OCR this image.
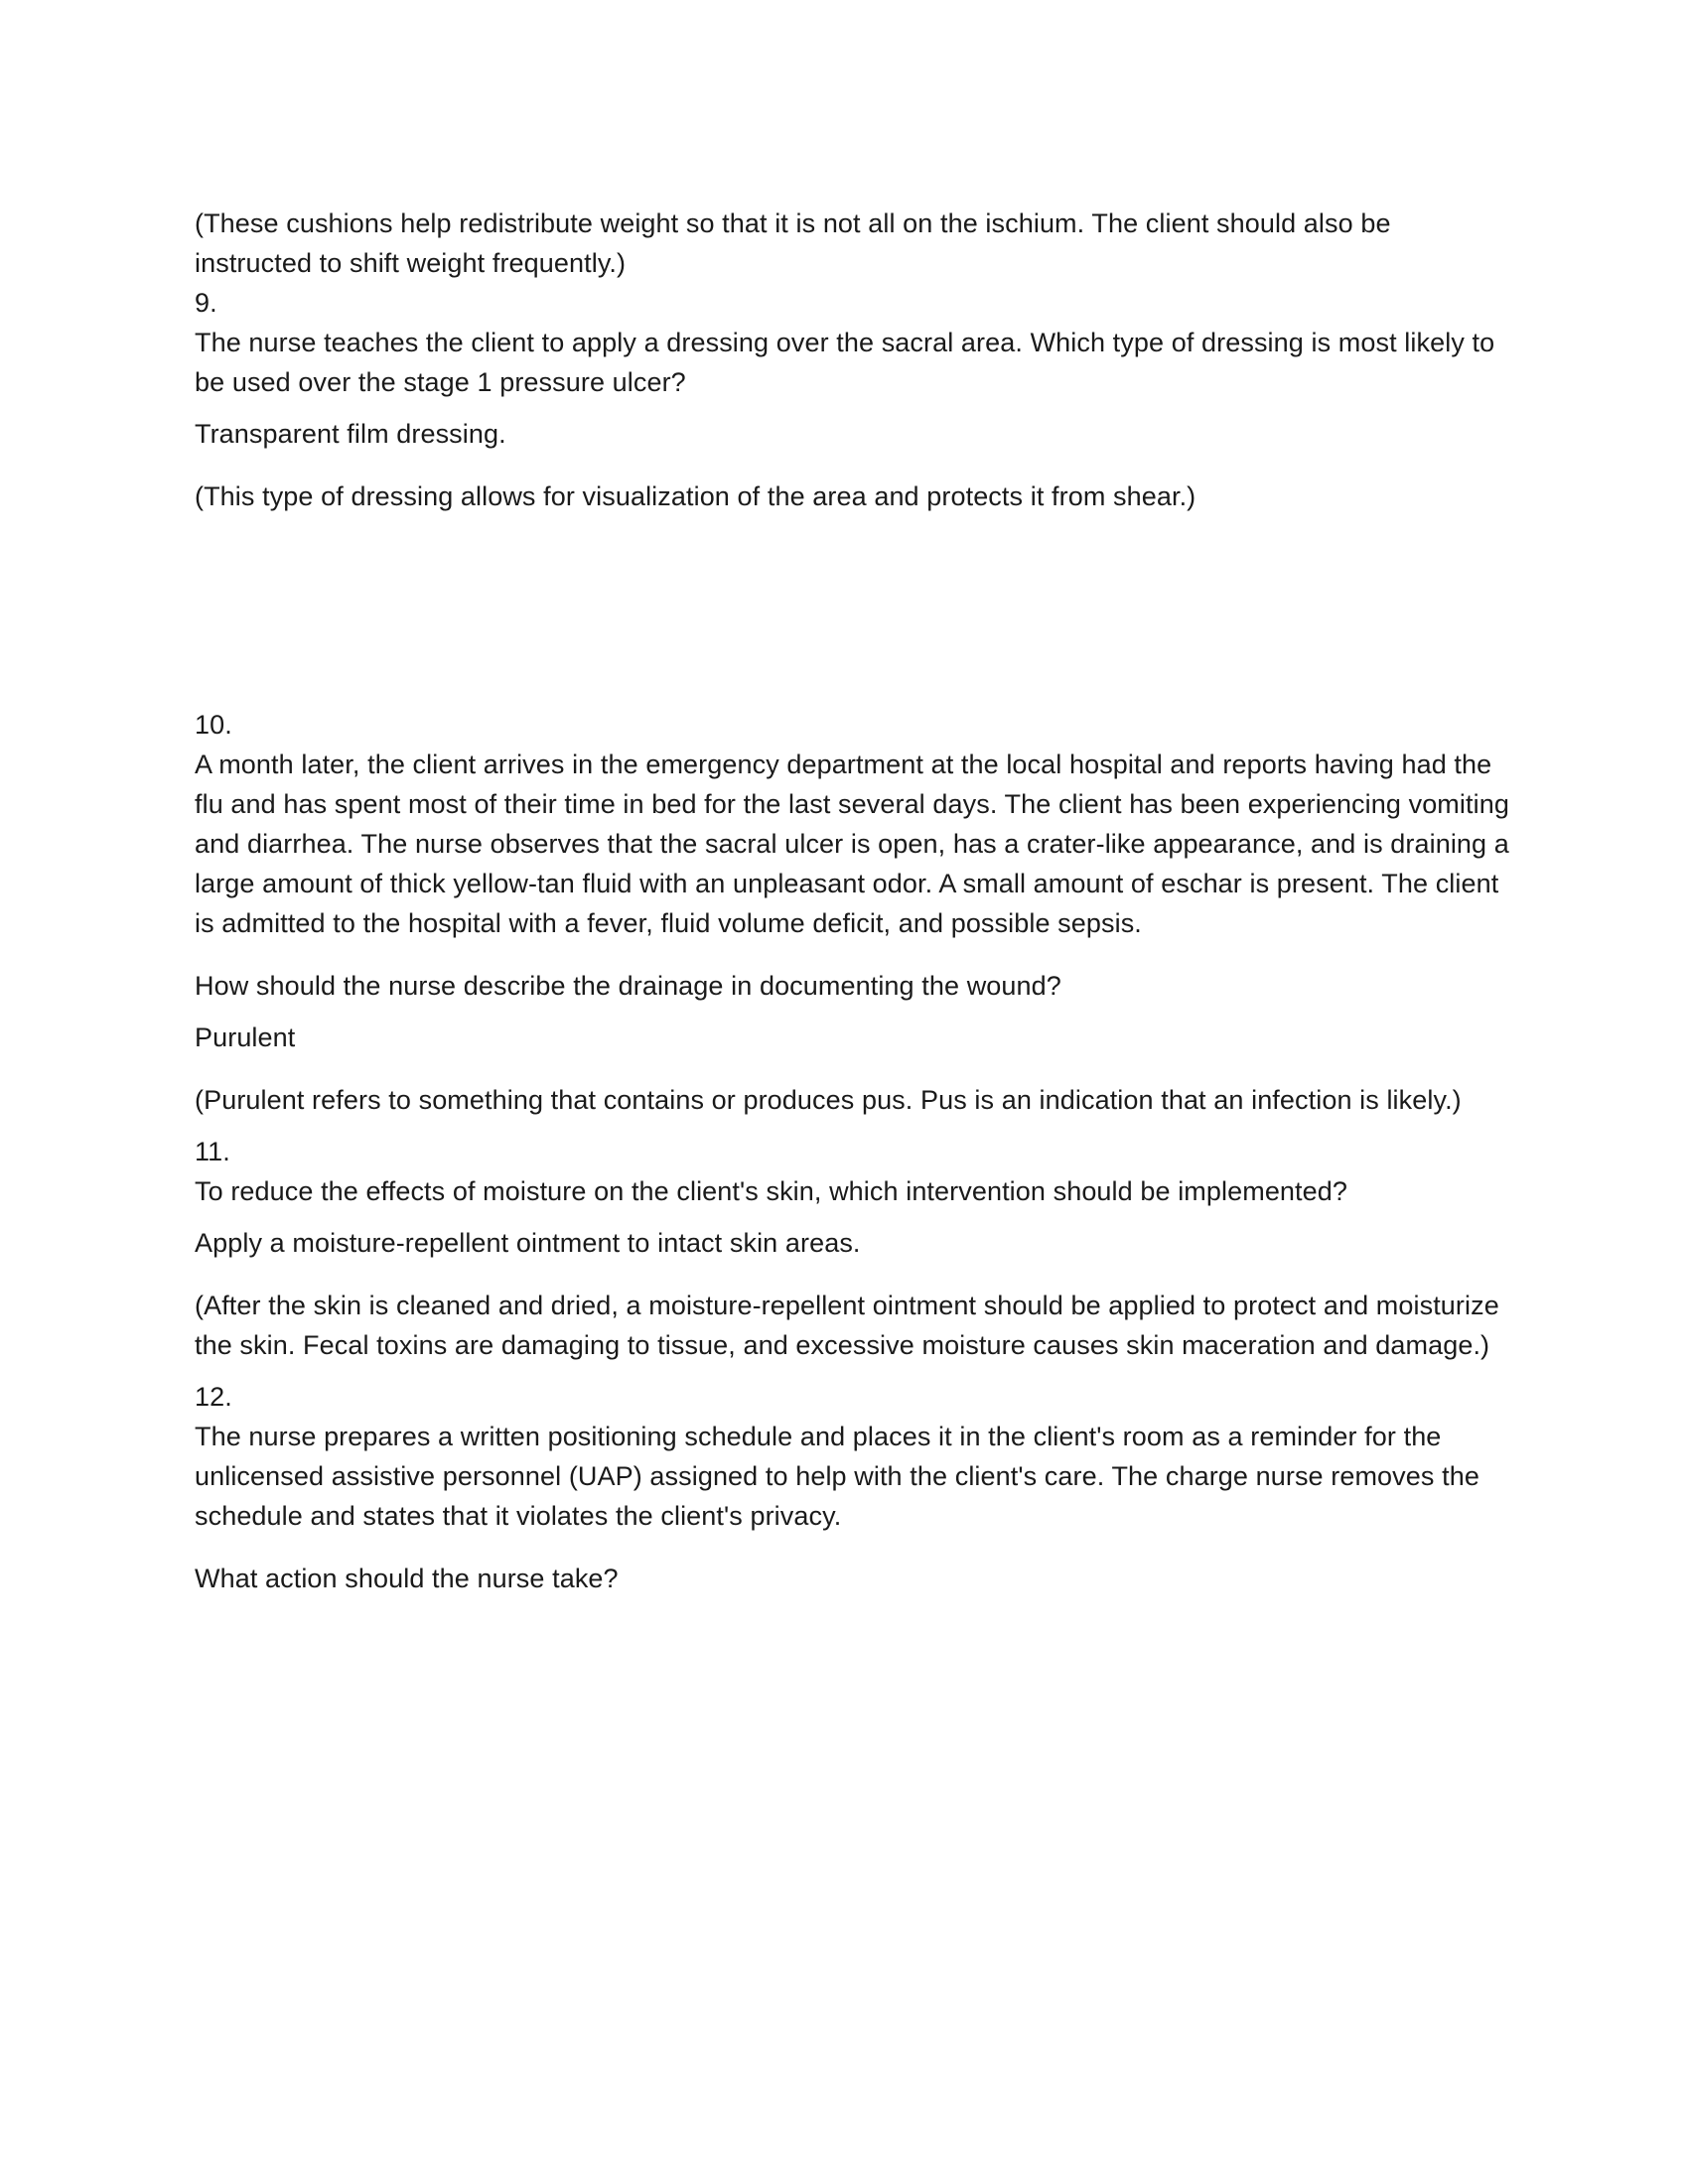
(These cushions help redistribute weight so that it is not all on the ischium. The client should also be instructed to shift weight frequently.)

9.

The nurse teaches the client to apply a dressing over the sacral area. Which type of dressing is most likely to be used over the stage 1 pressure ulcer?

Transparent film dressing.

(This type of dressing allows for visualization of the area and protects it from shear.)

10.

A month later, the client arrives in the emergency department at the local hospital and reports having had the flu and has spent most of their time in bed for the last several days. The client has been experiencing vomiting and diarrhea. The nurse observes that the sacral ulcer is open, has a crater-like appearance, and is draining a large amount of thick yellow-tan fluid with an unpleasant odor. A small amount of eschar is present. The client is admitted to the hospital with a fever, fluid volume deficit, and possible sepsis.

How should the nurse describe the drainage in documenting the wound?

Purulent

(Purulent refers to something that contains or produces pus. Pus is an indication that an infection is likely.)

11.

To reduce the effects of moisture on the client's skin, which intervention should be implemented?

Apply a moisture-repellent ointment to intact skin areas.

(After the skin is cleaned and dried, a moisture-repellent ointment should be applied to protect and moisturize the skin. Fecal toxins are damaging to tissue, and excessive moisture causes skin maceration and damage.)

12.

The nurse prepares a written positioning schedule and places it in the client's room as a reminder for the unlicensed assistive personnel (UAP) assigned to help with the client's care. The charge nurse removes the schedule and states that it violates the client's privacy.

What action should the nurse take?
